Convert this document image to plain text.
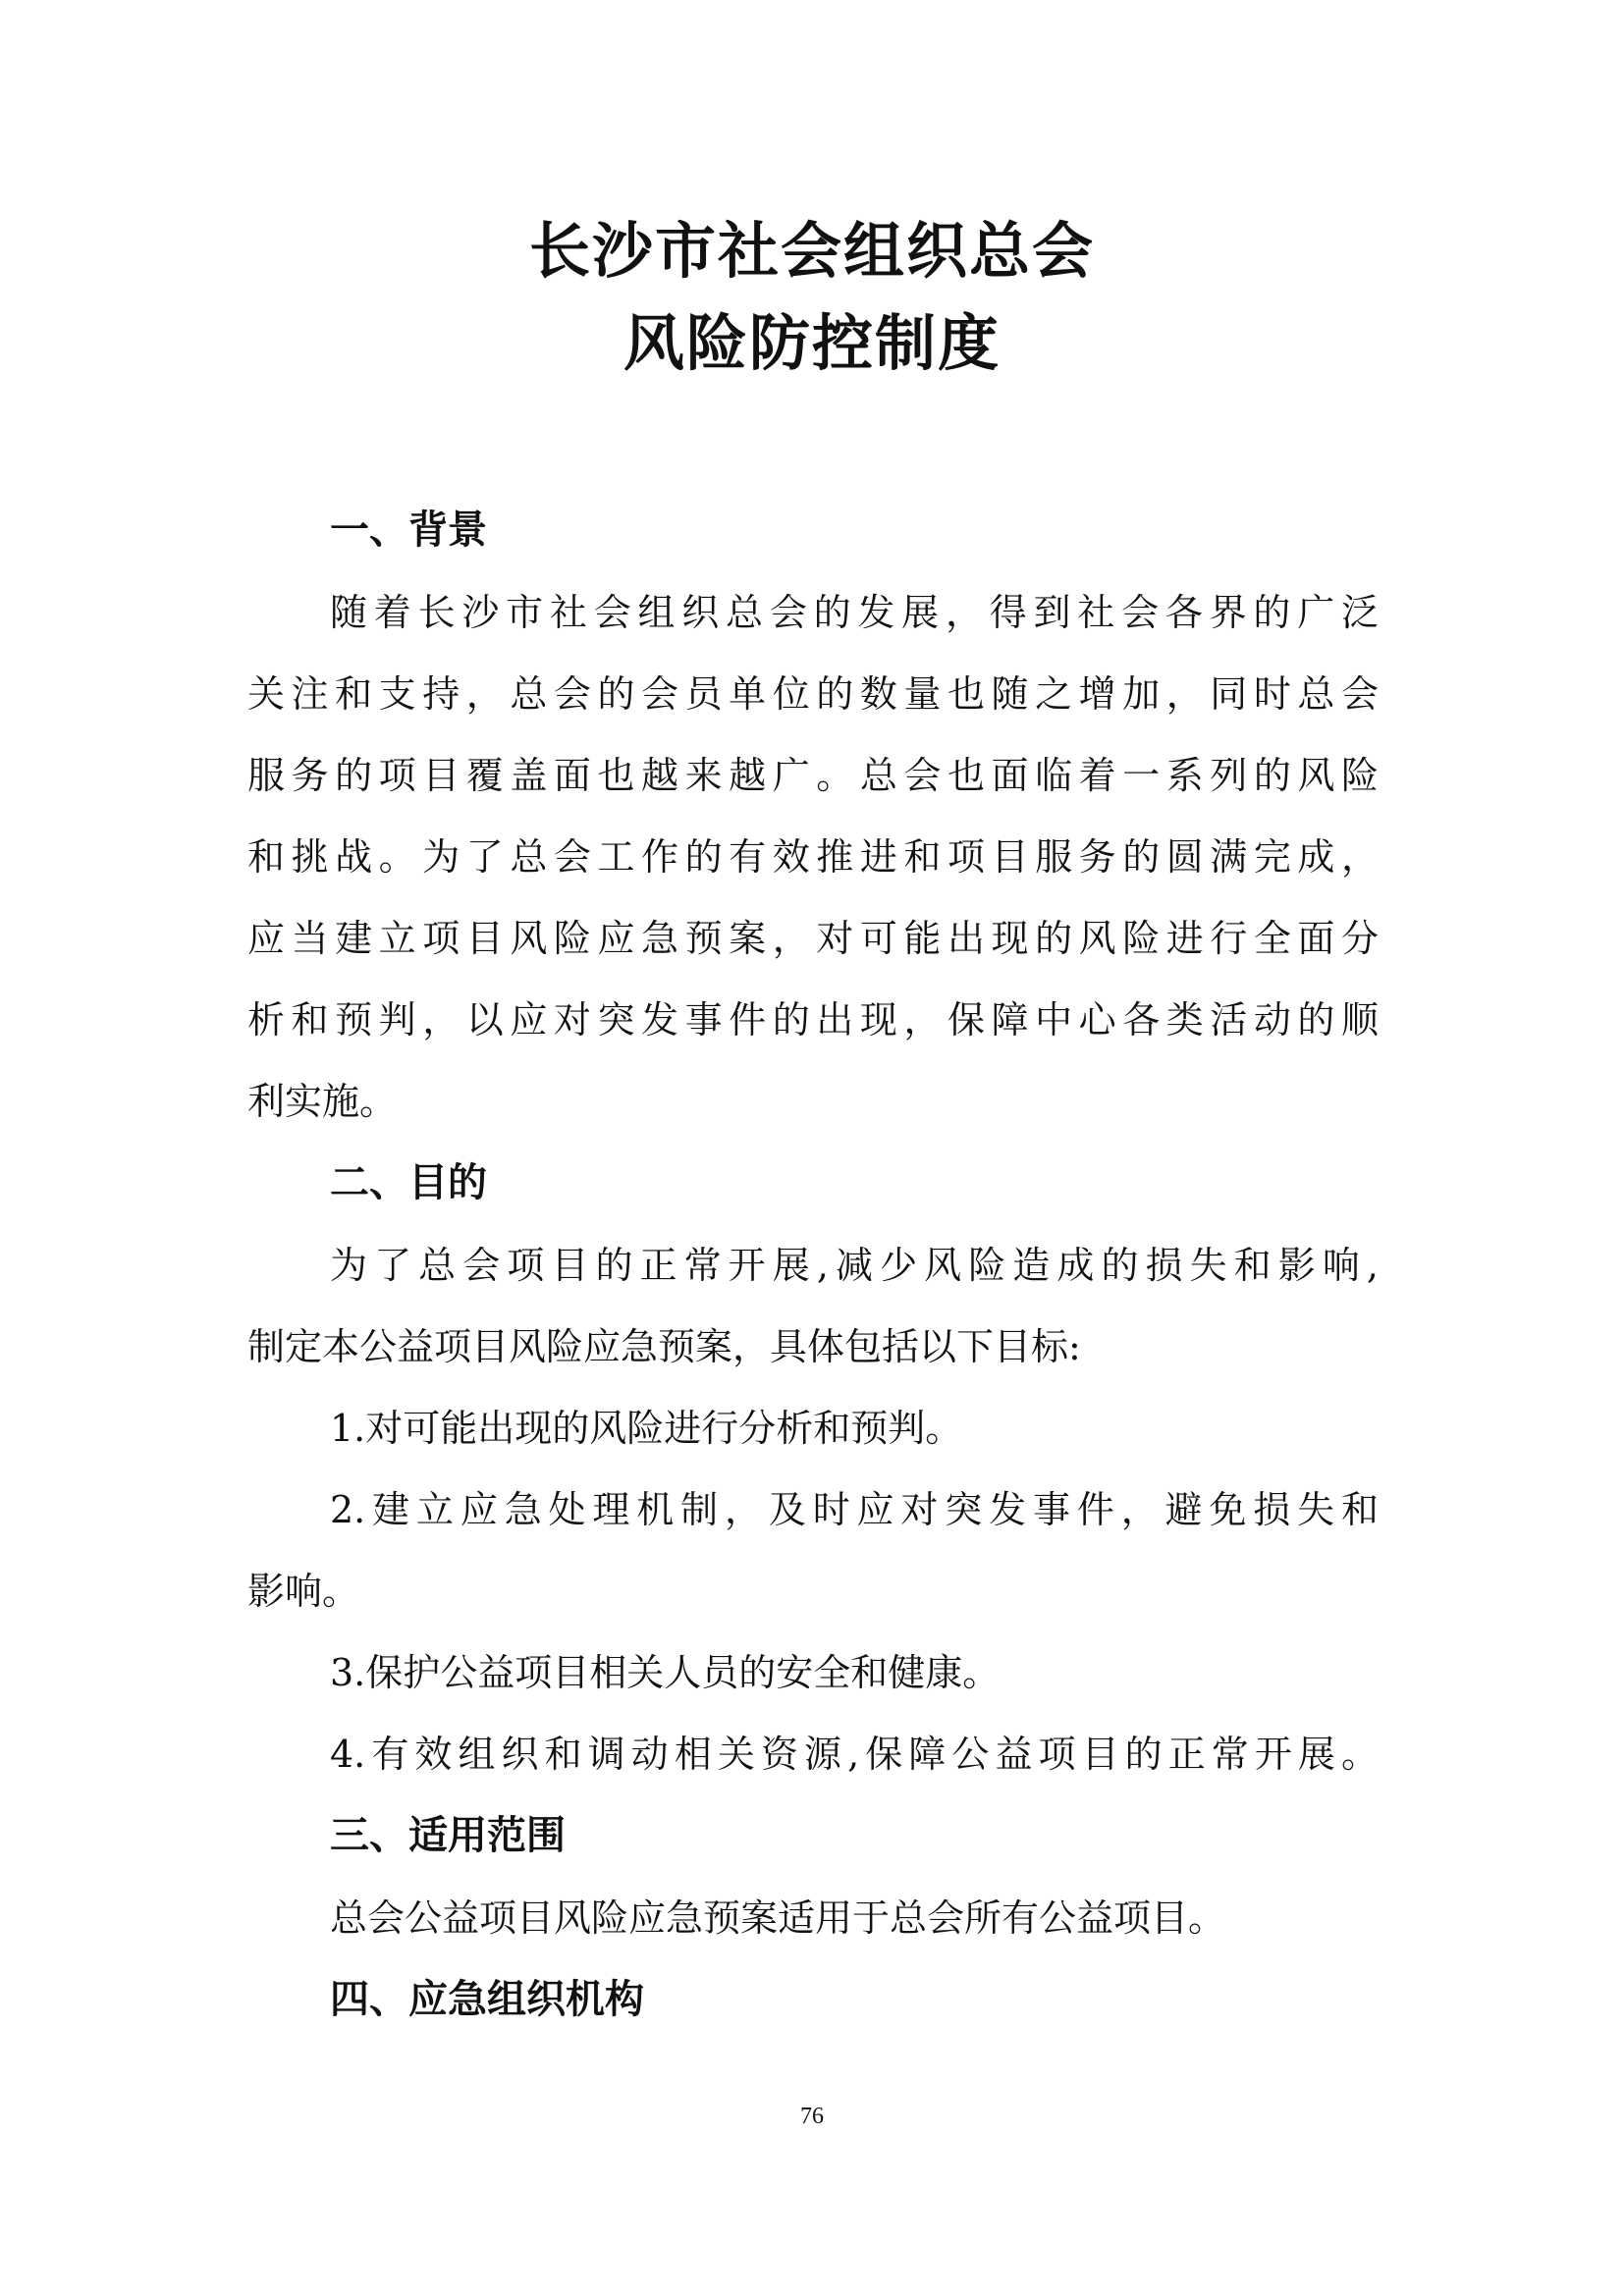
长沙市社会组织总会
风险防控制度
一、背景
随着长沙市社会组织总会的发展，得到社会各界的广泛
关注和支持，总会的会员单位的数量也随之增加，同时总会
服务的项目覆盖面也越来越广。总会也面临着一系列的风险
和挑战。为了总会工作的有效推进和项目服务的圆满完成，
应当建立项目风险应急预案，对可能出现的风险进行全面分
析和预判，以应对突发事件的出现，保障中心各类活动的顺
利实施。
二、目的
为了总会项目的正常开展,减少风险造成的损失和影响,
制定本公益项目风险应急预案，具体包括以下目标:
1.对可能出现的风险进行分析和预判。
2.建立应急处理机制，及时应对突发事件，避免损失和
影响。
3.保护公益项目相关人员的安全和健康。
4.有效组织和调动相关资源,保障公益项目的正常开展。
三、适用范围
总会公益项目风险应急预案适用于总会所有公益项目。
四、应急组织机构
76
